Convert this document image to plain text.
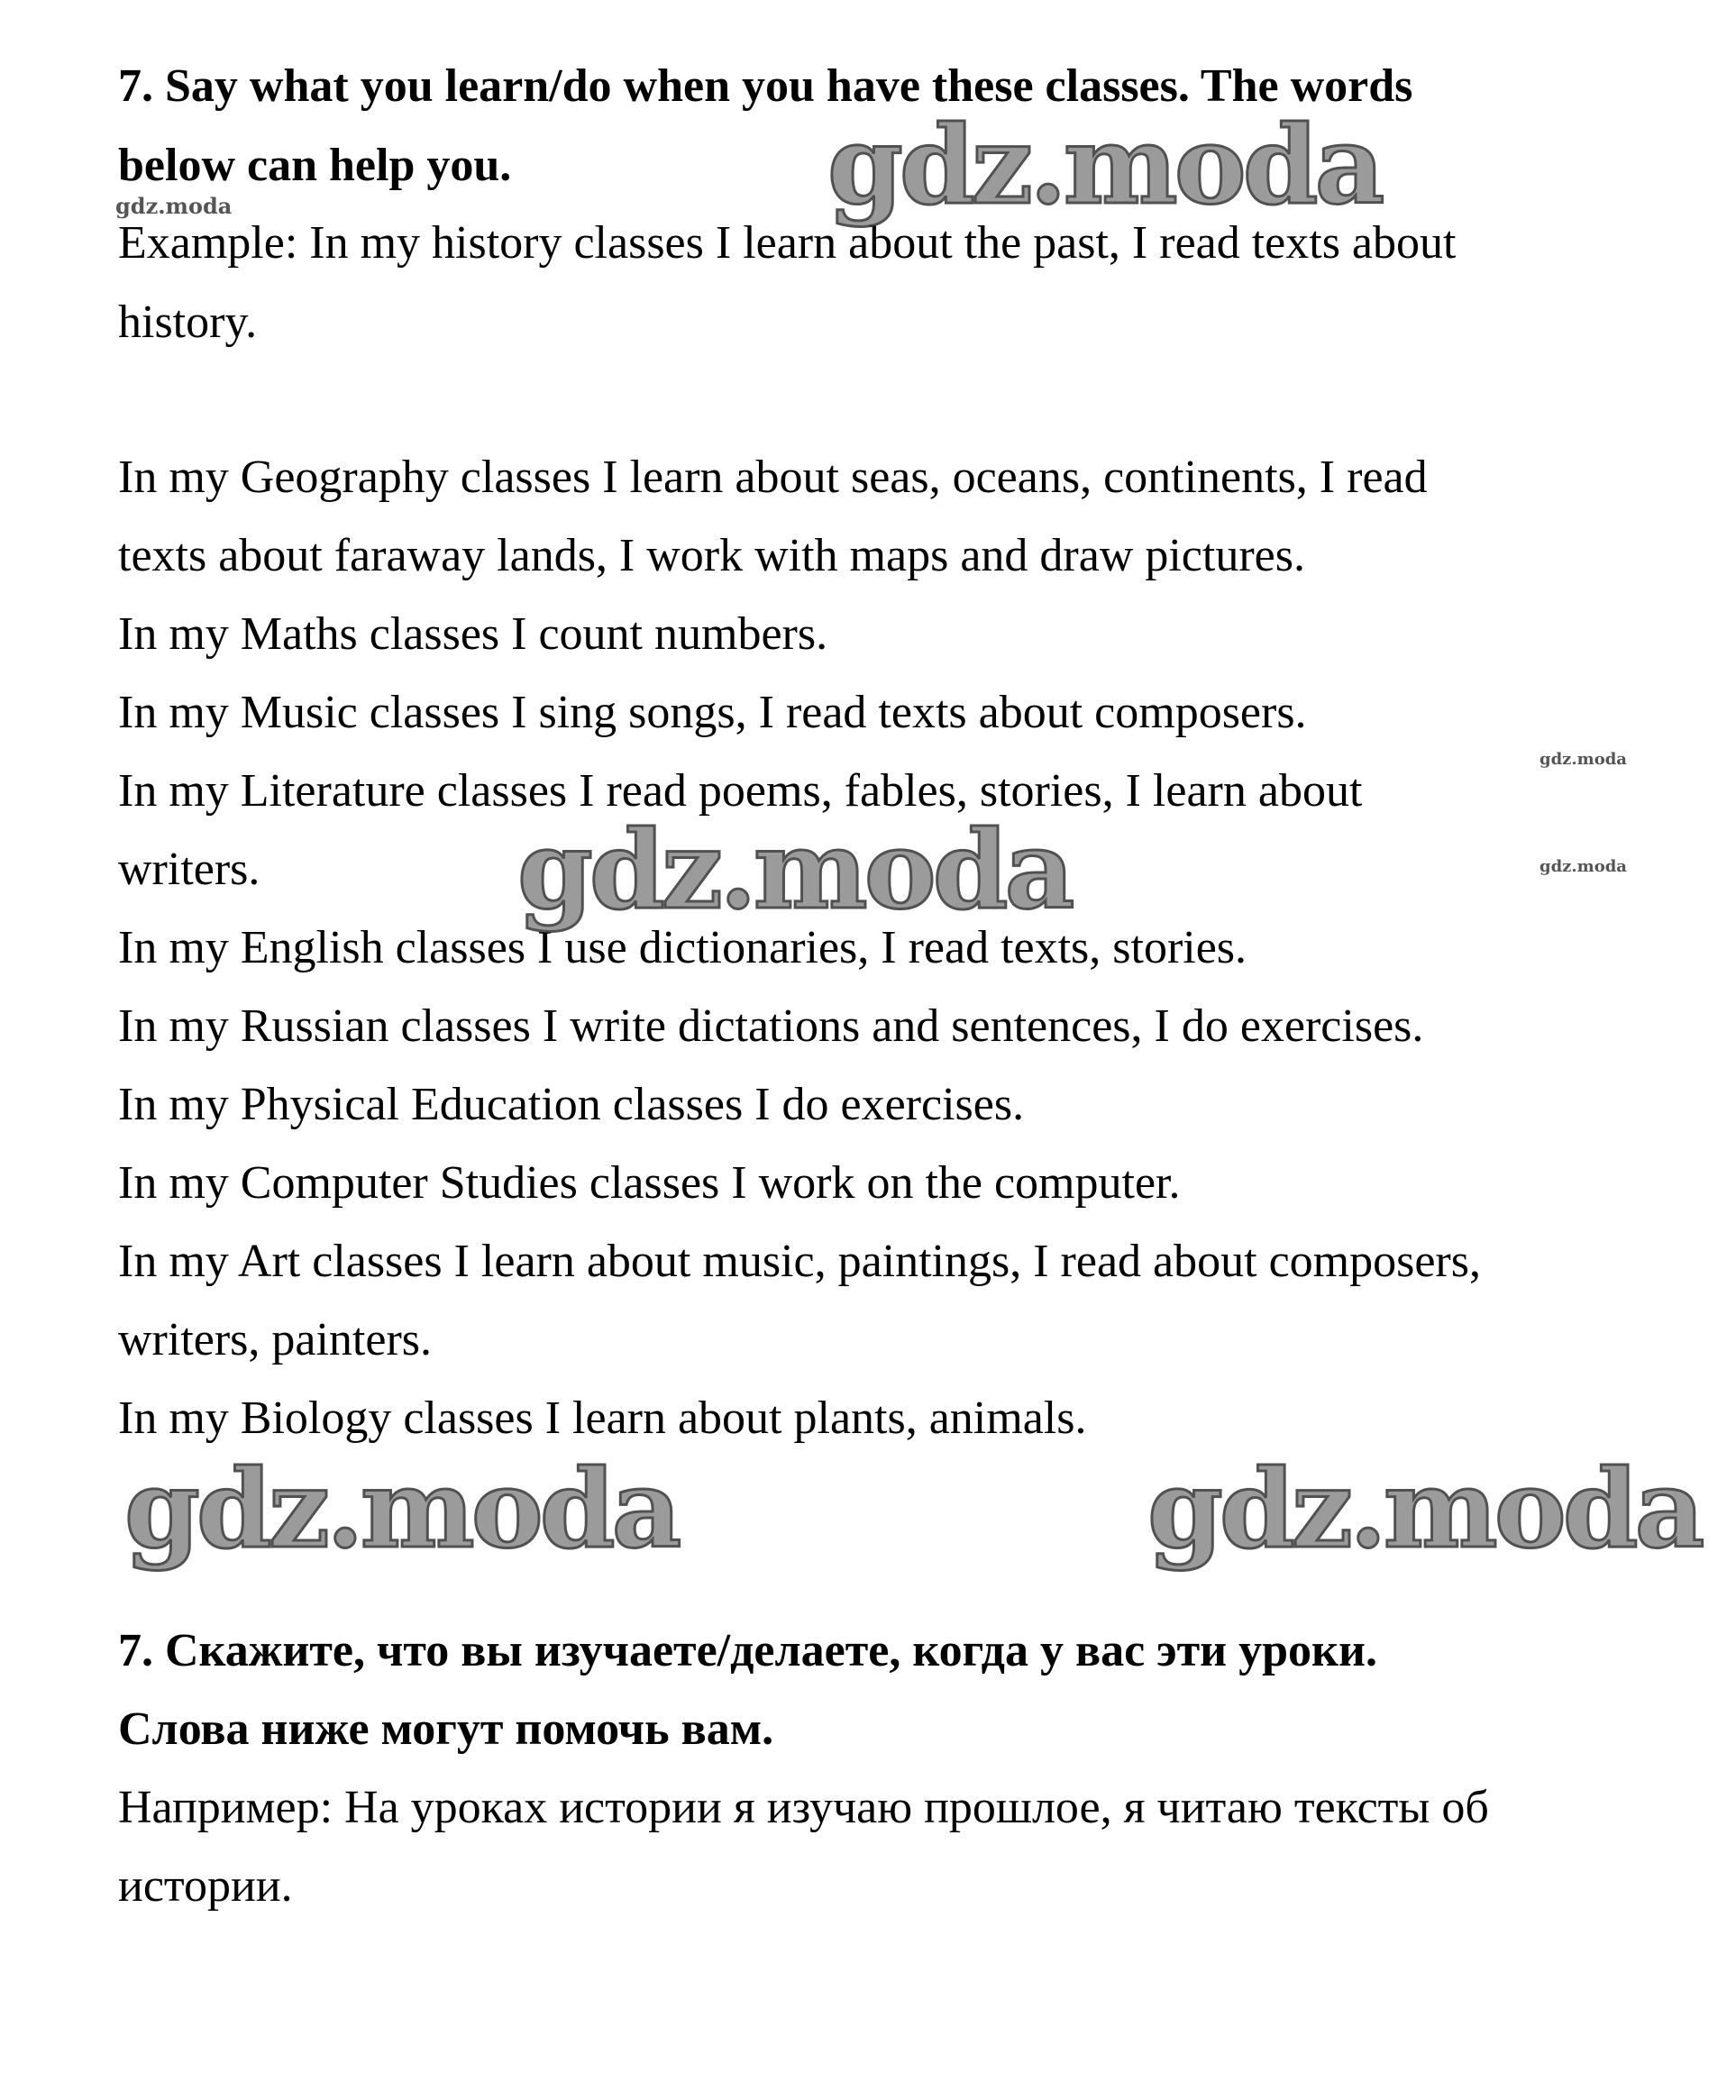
7. Say what you learn/do when you have these classes. The words
below can help you.
Example: In my history classes I learn about the past, I read texts about
history.
In my Geography classes I learn about seas, oceans, continents, I read
texts about faraway lands, I work with maps and draw pictures.
In my Maths classes I count numbers.
In my Music classes I sing songs, I read texts about composers.
In my Literature classes I read poems, fables, stories, I learn about
writers.
In my English classes I use dictionaries, I read texts, stories.
In my Russian classes I write dictations and sentences, I do exercises.
In my Physical Education classes I do exercises.
In my Computer Studies classes I work on the computer.
In my Art classes I learn about music, paintings, I read about composers,
writers, painters.
In my Biology classes I learn about plants, animals.
7. Скажите, что вы изучаете/делаете, когда у вас эти уроки.
Слова ниже могут помочь вам.
Например: На уроках истории я изучаю прошлое, я читаю тексты об
истории.
gdz.moda
gdz.moda
gdz.moda
gdz.moda
gdz.moda
gdz.moda	gdz.moda
